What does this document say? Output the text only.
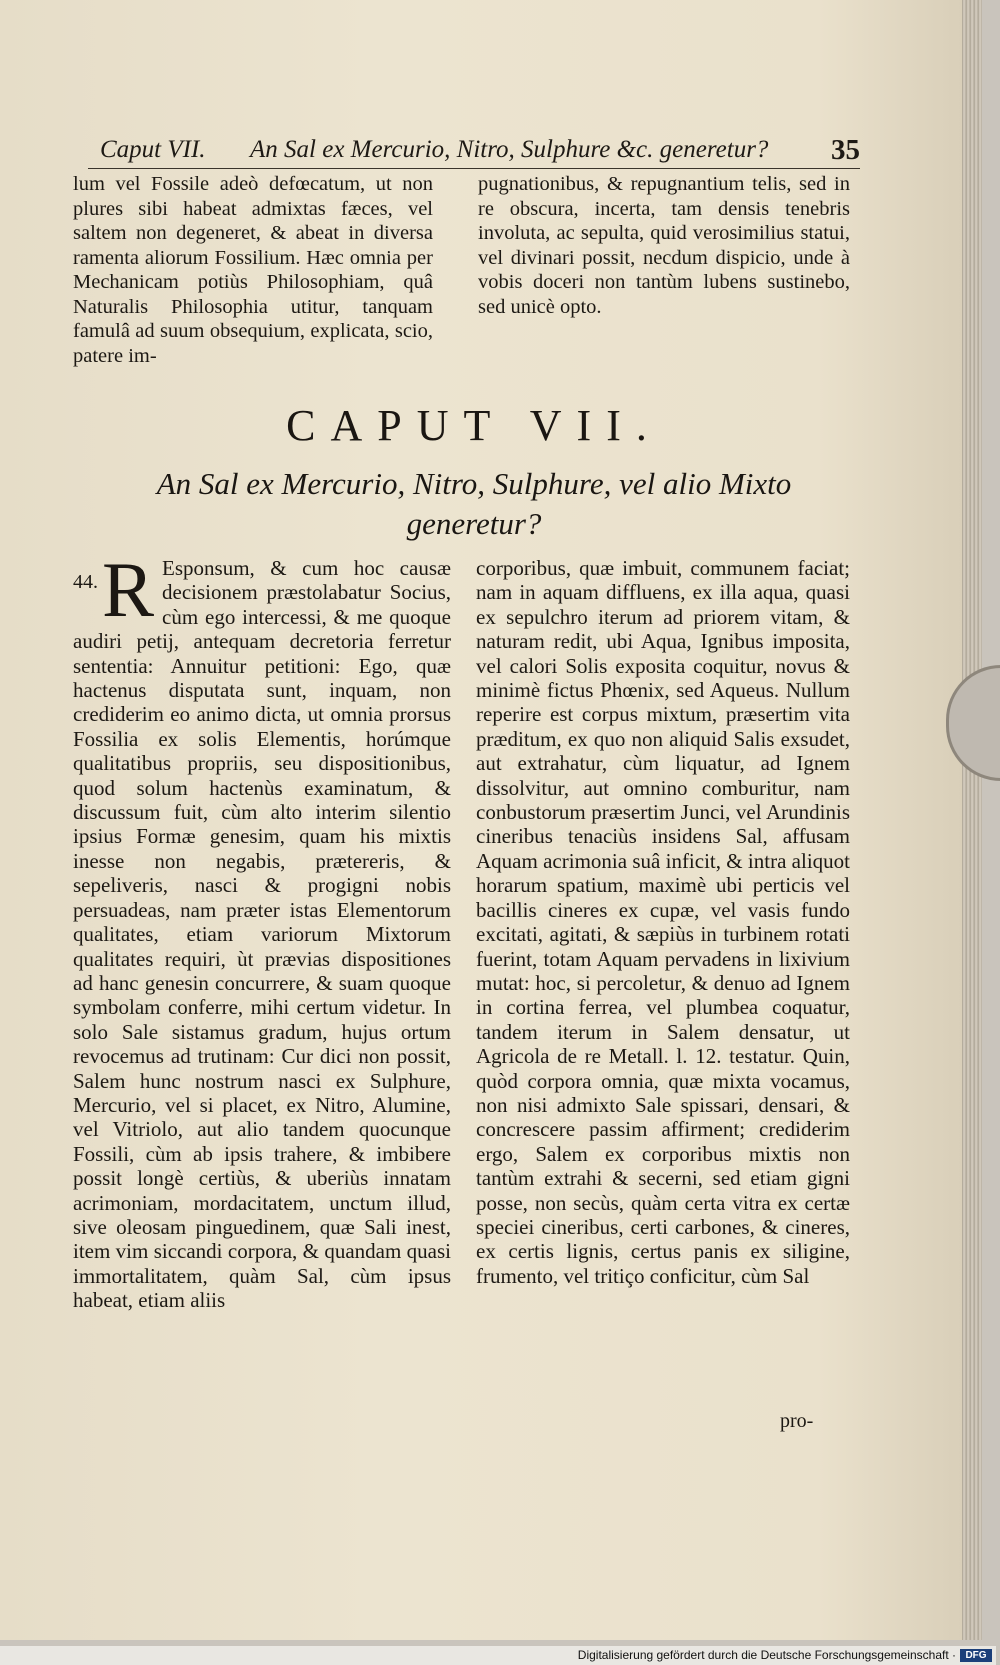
Caput VII. An Sal ex Mercurio, Nitro, Sulphure &c. generetur? 35

lum vel Fossile adeò defœcatum, ut non plures sibi habeat admixtas fæces, vel saltem non degeneret, & abeat in diversa ramenta aliorum Fossilium. Hæc omnia per Mechanicam potiùs Philosophiam, quâ Naturalis Philosophia utitur, tanquam famulâ ad suum obsequium, explicata, scio, patere im-

pugnationibus, & repugnantium telis, sed in re obscura, incerta, tam densis tenebris involuta, ac sepulta, quid verosimilius statui, vel divinari possit, necdum dispicio, unde à vobis doceri non tantùm lubens sustinebo, sed unicè opto.

CAPUT VII.
An Sal ex Mercurio, Nitro, Sulphure, vel alio Mixto generetur?
44. R Esponsum, & cum hoc causæ decisionem præstolabatur Socius, cùm ego intercessi, & me quoque audiri petij, antequam decretoria ferretur sententia: Annuitur petitioni: Ego, quæ hactenus disputata sunt, inquam, non crediderim eo animo dicta, ut omnia prorsus Fossilia ex solis Elementis, horúmque qualitatibus propriis, seu dispositionibus, quod solum hactenùs examinatum, & discussum fuit, cùm alto interim silentio ipsius Formæ genesim, quam his mixtis inesse non negabis, prætereris, & sepeliveris, nasci & progigni nobis persuadeas, nam præter istas Elementorum qualitates, etiam variorum Mixtorum qualitates requiri, ùt prævias dispositiones ad hanc genesin concurrere, & suam quoque symbolam conferre, mihi certum videtur. In solo Sale sistamus gradum, hujus ortum revocemus ad trutinam: Cur dici non possit, Salem hunc nostrum nasci ex Sulphure, Mercurio, vel si placet, ex Nitro, Alumine, vel Vitriolo, aut alio tandem quocunque Fossili, cùm ab ipsis trahere, & imbibere possit longè certiùs, & uberiùs innatam acrimoniam, mordacitatem, unctum illud, sive oleosam pinguedinem, quæ Sali inest, item vim siccandi corpora, & quandam quasi immortalitatem, quàm Sal, cùm ipsus habeat, etiam aliis

corporibus, quæ imbuit, communem faciat; nam in aquam diffluens, ex illa aqua, quasi ex sepulchro iterum ad priorem vitam, & naturam redit, ubi Aqua, Ignibus imposita, vel calori Solis exposita coquitur, novus & minimè fictus Phœnix, sed Aqueus. Nullum reperire est corpus mixtum, præsertim vita præditum, ex quo non aliquid Salis exsudet, aut extrahatur, cùm liquatur, ad Ignem dissolvitur, aut omnino comburitur, nam conbustorum præsertim Junci, vel Arundinis cineribus tenaciùs insidens Sal, affusam Aquam acrimonia suâ inficit, & intra aliquot horarum spatium, maximè ubi perticis vel bacillis cineres ex cupæ, vel vasis fundo excitati, agitati, & sæpiùs in turbinem rotati fuerint, totam Aquam pervadens in lixivium mutat: hoc, si percoletur, & denuo ad Ignem in cortina ferrea, vel plumbea coquatur, tandem iterum in Salem densatur, ut Agricola de re Metall. l. 12. testatur. Quin, quòd corpora omnia, quæ mixta vocamus, non nisi admixto Sale spissari, densari, & concrescere passim affirment; crediderim ergo, Salem ex corporibus mixtis non tantùm extrahi & secerni, sed etiam gigni posse, non secùs, quàm certa vitra ex certæ speciei cineribus, certi carbones, & cineres, ex certis lignis, certus panis ex siligine, frumento, vel tritiço conficitur, cùm Sal

pro-
Digitalisierung gefördert durch die Deutsche Forschungsgemeinschaft · DFG
